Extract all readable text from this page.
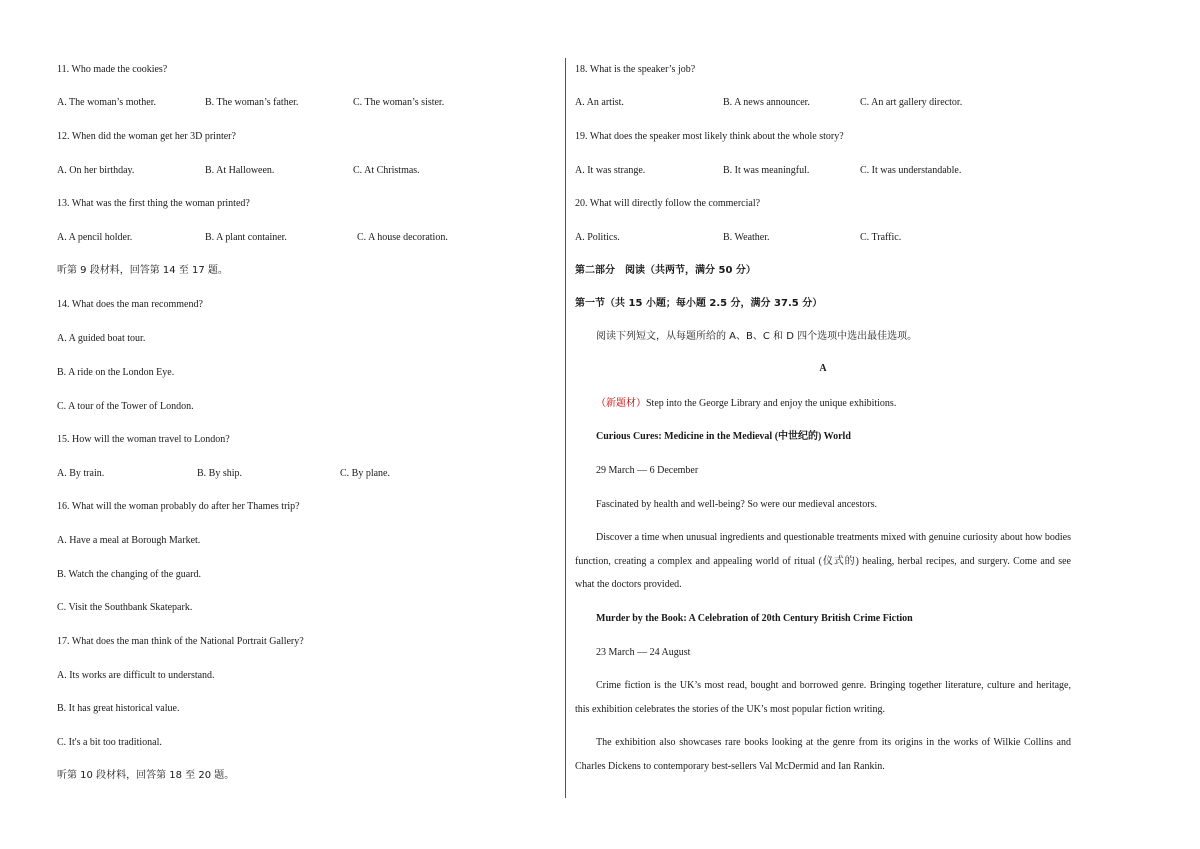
11. Who made the cookies?
A. The woman’s mother.	B. The woman’s father.	C. The woman’s sister.
12. When did the woman get her 3D printer?
A. On her birthday.	B. At Halloween.	C. At Christmas.
13. What was the first thing the woman printed?
A. A pencil holder.	B. A plant container.	C. A house decoration.
听第 9 段材料，回答第 14 至 17 题。
14. What does the man recommend?
A. A guided boat tour.
B. A ride on the London Eye.
C. A tour of the Tower of London.
15. How will the woman travel to London?
A. By train.	B. By ship.	C. By plane.
16. What will the woman probably do after her Thames trip?
A. Have a meal at Borough Market.
B. Watch the changing of the guard.
C. Visit the Southbank Skatepark.
17. What does the man think of the National Portrait Gallery?
A. Its works are difficult to understand.
B. It has great historical value.
C. It's a bit too traditional.
听第 10 段材料，回答第 18 至 20 题。
18. What is the speaker’s job?
A. An artist.	B. A news announcer.	C. An art gallery director.
19. What does the speaker most likely think about the whole story?
A. It was strange.	B. It was meaningful.	C. It was understandable.
20. What will directly follow the commercial?
A. Politics.	B. Weather.	C. Traffic.
第二部分　阅读（共两节，满分 50 分）
第一节（共 15 小题；每小题 2.5 分，满分 37.5 分）
阅读下列短文，从每题所给的 A、B、C 和 D 四个选项中选出最佳选项。
A
（新题材）Step into the George Library and enjoy the unique exhibitions.
Curious Cures: Medicine in the Medieval (中世纪的) World
29 March — 6 December
Fascinated by health and well-being? So were our medieval ancestors.
Discover a time when unusual ingredients and questionable treatments mixed with genuine curiosity about how bodies function, creating a complex and appealing world of ritual (仪式的) healing, herbal recipes, and surgery. Come and see what the doctors provided.
Murder by the Book: A Celebration of 20th Century British Crime Fiction
23 March — 24 August
Crime fiction is the UK’s most read, bought and borrowed genre. Bringing together literature, culture and heritage, this exhibition celebrates the stories of the UK’s most popular fiction writing.
The exhibition also showcases rare books looking at the genre from its origins in the works of Wilkie Collins and Charles Dickens to contemporary best-sellers Val McDermid and Ian Rankin.
